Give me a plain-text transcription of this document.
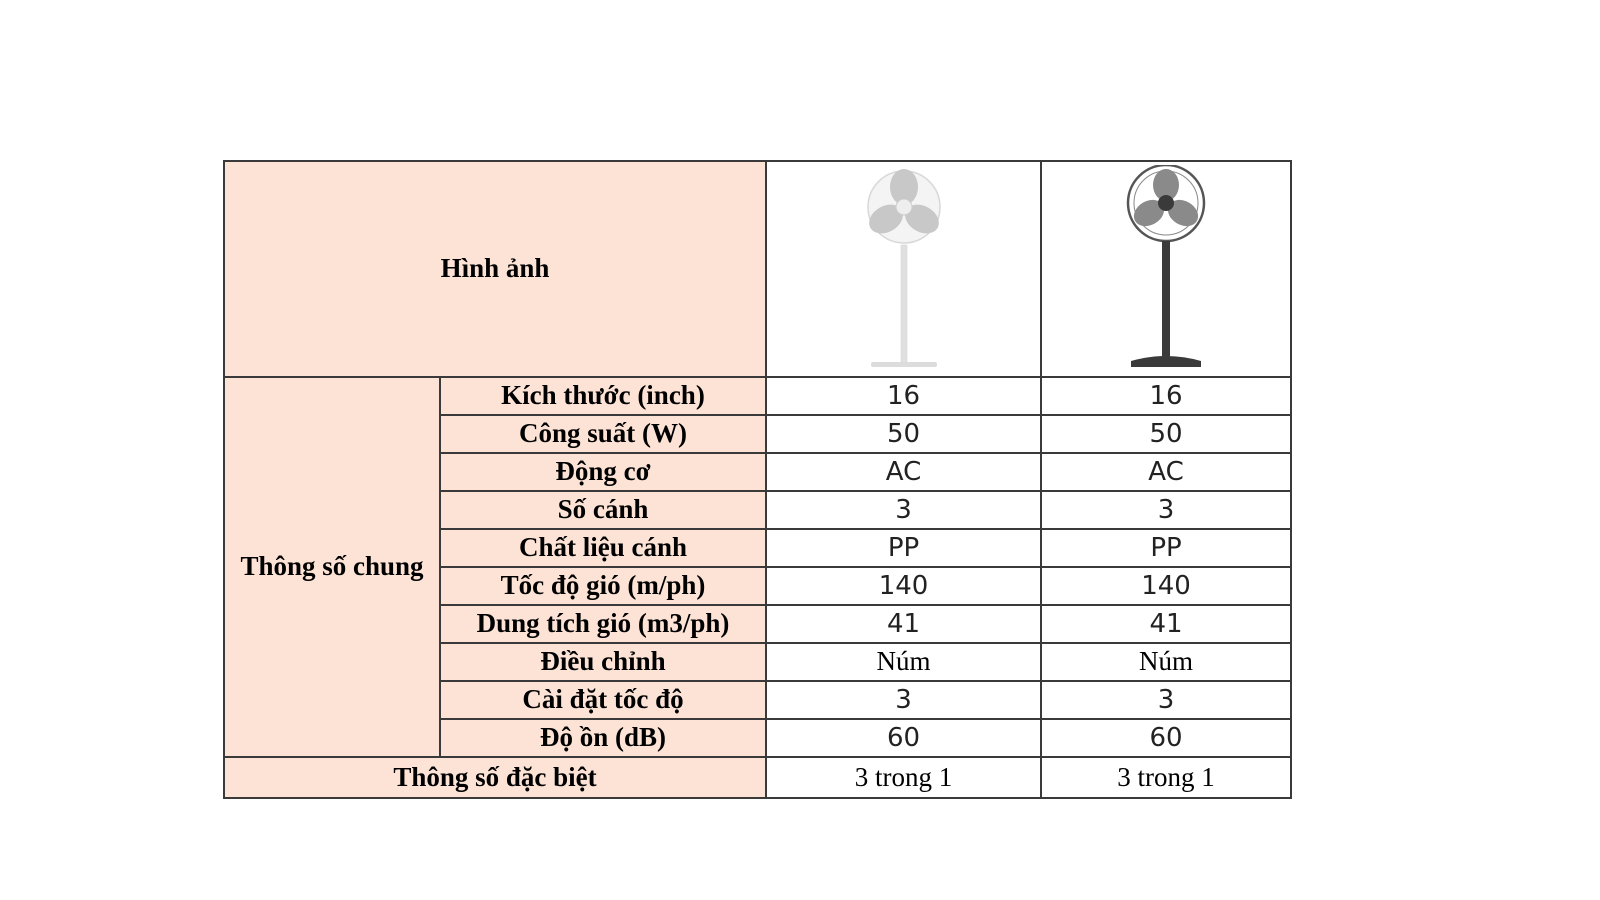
Hình ảnh	

Thông số chung	Kích thước (inch)	16	16
	Công suất (W)	50	50
	Động cơ	AC	AC
	Số cánh	3	3
	Chất liệu cánh	PP	PP
	Tốc độ gió (m/ph)	140	140
	Dung tích gió (m3/ph)	41	41
	Điều chỉnh	Núm	Núm
	Cài đặt tốc độ	3	3
	Độ ồn (dB)	60	60
Thông số đặc biệt		3 trong 1	3 trong 1
